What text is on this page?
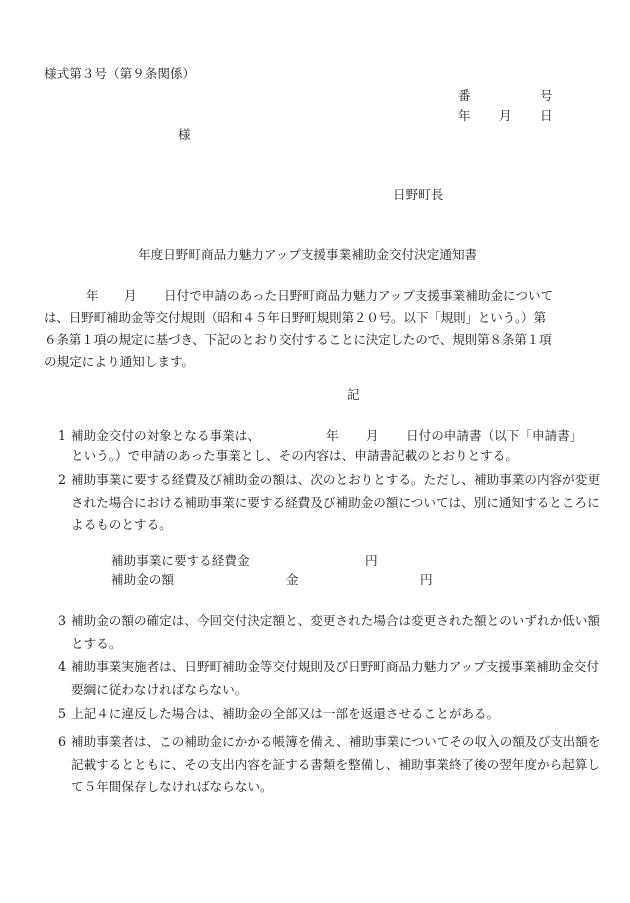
様式第３号（第９条関係）
番	号
年 月 日
様
日野町長
年度日野町商品力魅力アップ支援事業補助金交付決定通知書
年 月 日付で申請のあった日野町商品力魅力アップ支援事業補助金について
は、日野町補助金等交付規則（昭和４５年日野町規則第２０号。以下「規則」という。）第
６条第１項の規定に基づき、下記のとおり交付することに決定したので、規則第８条第１項
の規定により通知します。
記
1 補助金交付の対象となる事業は、	年 月 日付の申請書（以下「申請書」
という。）で申請のあった事業とし、その内容は、申請書記載のとおりとする。
2 補助事業に要する経費及び補助金の額は、次のとおりとする。ただし、補助事業の内容が変更された場合における補助事業に要する経費及び補助金の額については、別に通知するところによるものとする。
補助事業に要する経費金	円
補助金の額	金	円
3 補助金の額の確定は、今回交付決定額と、変更された場合は変更された額とのいずれか低い額とする。
4 補助事業実施者は、日野町補助金等交付規則及び日野町商品力魅力アップ支援事業補助金交付要綱に従わなければならない。
5 上記４に違反した場合は、補助金の全部又は一部を返還させることがある。
6 補助事業者は、この補助金にかかる帳簿を備え、補助事業についてその収入の額及び支出額を記載するとともに、その支出内容を証する書類を整備し、補助事業終了後の翌年度から起算して５年間保存しなければならない。
